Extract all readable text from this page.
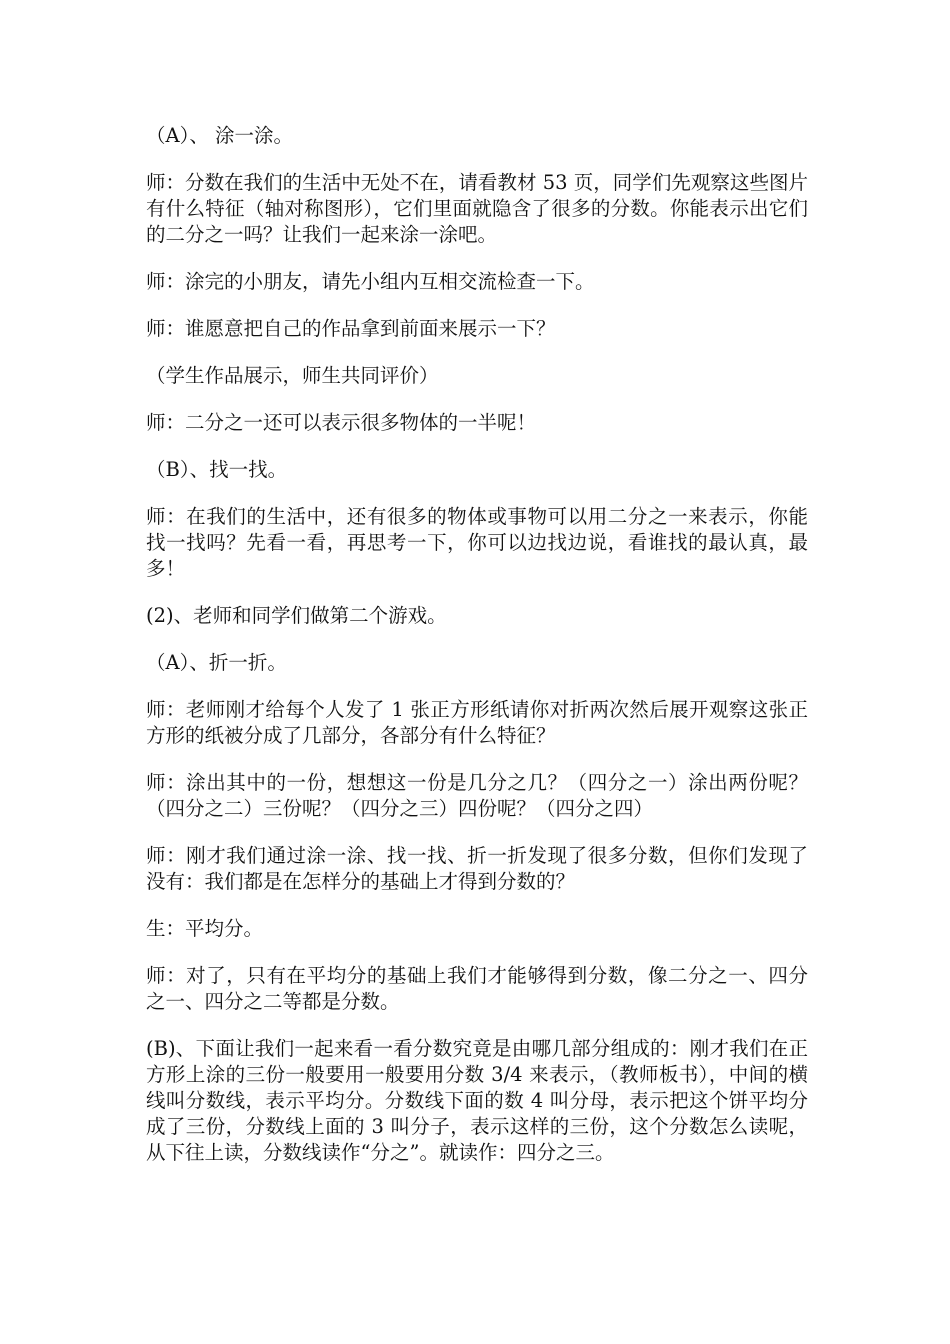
（A）、 涂一涂。

师：分数在我们的生活中无处不在，请看教材 53 页，同学们先观察这些图片有什么特征（轴对称图形），它们里面就隐含了很多的分数。你能表示出它们的二分之一吗？让我们一起来涂一涂吧。

师：涂完的小朋友，请先小组内互相交流检查一下。

师：谁愿意把自己的作品拿到前面来展示一下？

（学生作品展示，师生共同评价）

师：二分之一还可以表示很多物体的一半呢！

（B）、找一找。

师：在我们的生活中，还有很多的物体或事物可以用二分之一来表示，你能找一找吗？先看一看，再思考一下，你可以边找边说，看谁找的最认真，最多！

(2)、老师和同学们做第二个游戏。

（A）、折一折。

师：老师刚才给每个人发了 1 张正方形纸请你对折两次然后展开观察这张正方形的纸被分成了几部分，各部分有什么特征？

师：涂出其中的一份，想想这一份是几分之几？（四分之一）涂出两份呢？（四分之二）三份呢？（四分之三）四份呢？（四分之四）

师：刚才我们通过涂一涂、找一找、折一折发现了很多分数，但你们发现了没有：我们都是在怎样分的基础上才得到分数的？

生：平均分。

师：对了，只有在平均分的基础上我们才能够得到分数，像二分之一、四分之一、四分之二等都是分数。

(B)、下面让我们一起来看一看分数究竟是由哪几部分组成的：刚才我们在正方形上涂的三份一般要用一般要用分数 3/4 来表示，（教师板书），中间的横线叫分数线，表示平均分。分数线下面的数 4 叫分母，表示把这个饼平均分成了三份，分数线上面的 3 叫分子，表示这样的三份，这个分数怎么读呢，从下往上读，分数线读作“分之”。就读作：四分之三。
